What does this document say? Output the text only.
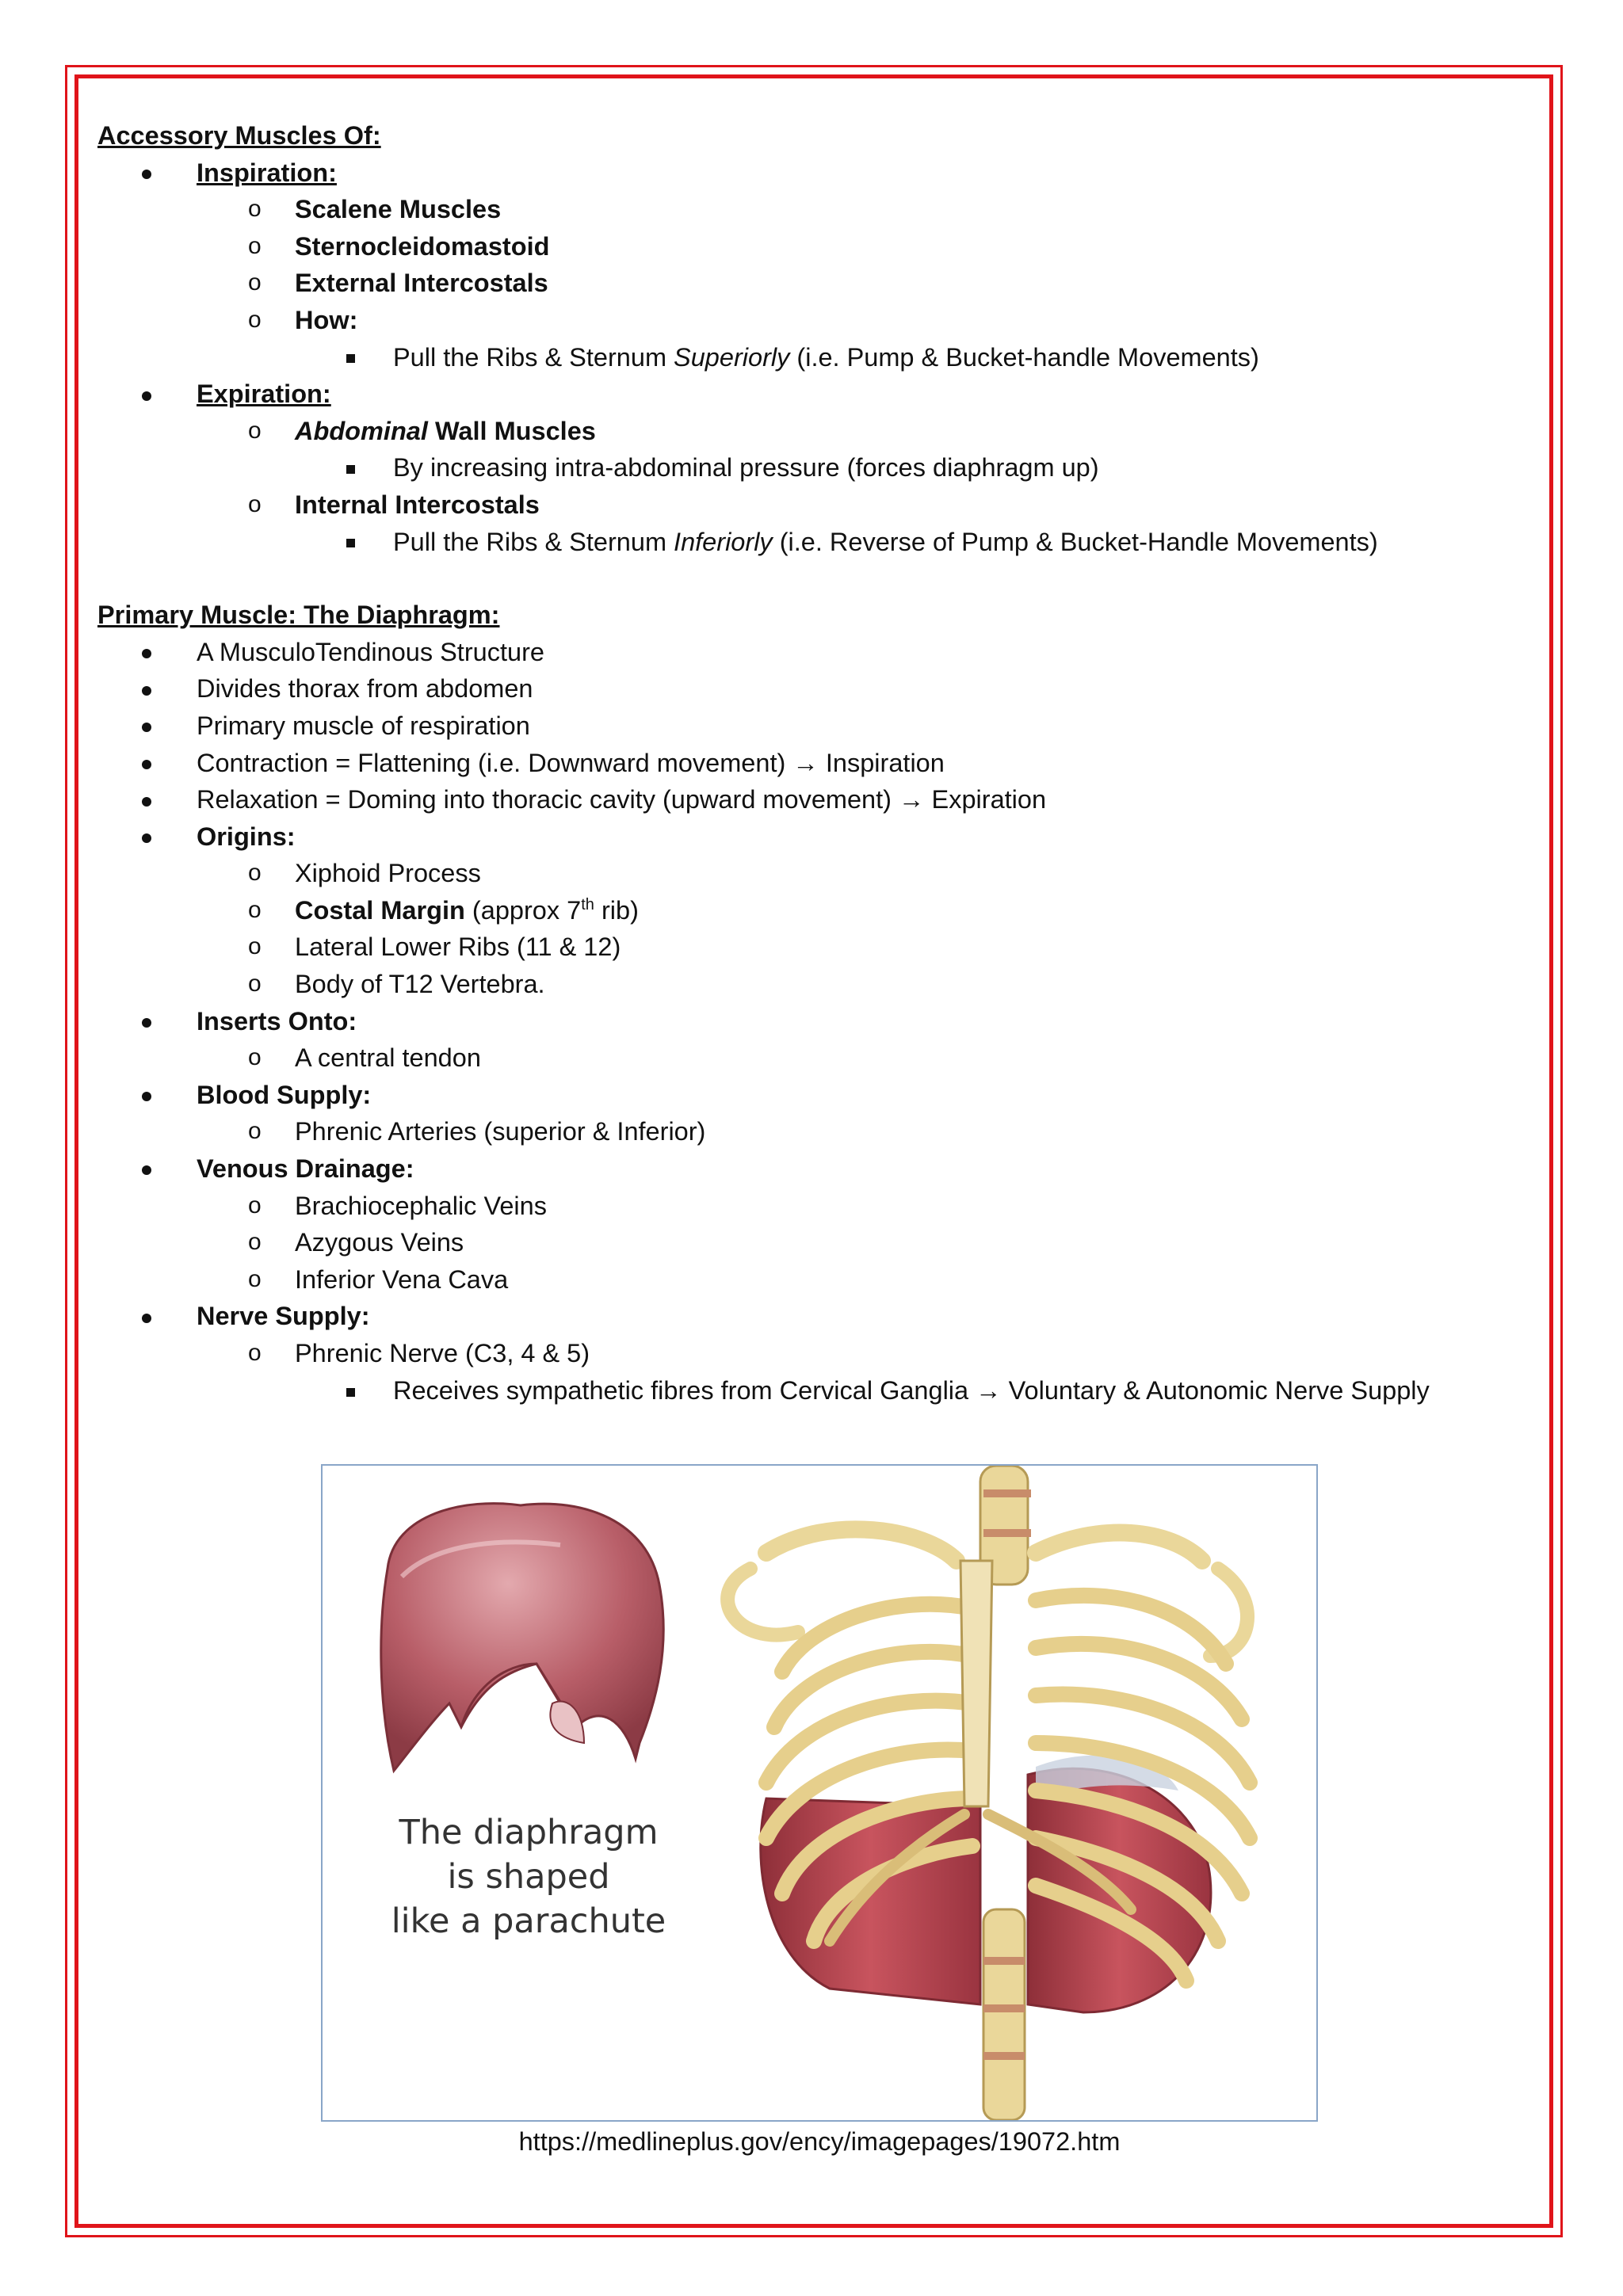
Accessory Muscles Of:
Inspiration:
o Scalene Muscles
o Sternocleidomastoid
o External Intercostals
o How:
Pull the Ribs & Sternum Superiorly (i.e. Pump & Bucket-handle Movements)
Expiration:
o Abdominal Wall Muscles
By increasing intra-abdominal pressure (forces diaphragm up)
o Internal Intercostals
Pull the Ribs & Sternum Inferiorly (i.e. Reverse of Pump & Bucket-Handle Movements)
Primary Muscle: The Diaphragm:
A MusculoTendinous Structure
Divides thorax from abdomen
Primary muscle of respiration
Contraction = Flattening (i.e. Downward movement) → Inspiration
Relaxation = Doming into thoracic cavity (upward movement) → Expiration
Origins:
o Xiphoid Process
o Costal Margin (approx 7th rib)
o Lateral Lower Ribs (11 & 12)
o Body of T12 Vertebra.
Inserts Onto:
o A central tendon
Blood Supply:
o Phrenic Arteries (superior & Inferior)
Venous Drainage:
o Brachiocephalic Veins
o Azygous Veins
o Inferior Vena Cava
Nerve Supply:
o Phrenic Nerve (C3, 4 & 5)
Receives sympathetic fibres from Cervical Ganglia → Voluntary & Autonomic Nerve Supply
The diaphragm
is shaped
like a parachute
https://medlineplus.gov/ency/imagepages/19072.htm
